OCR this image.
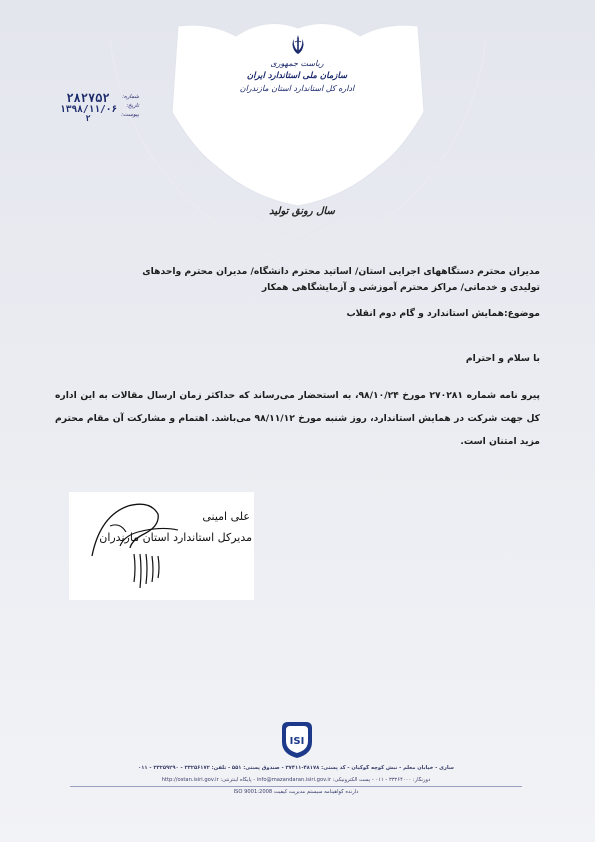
ریاست جمهوری
سازمان ملی استاندارد ایران
اداره کل استاندارد استان مازندران
شماره:
تاریخ:
پیوست:
۲۸۲۷۵۲
۱۳۹۸/۱۱/۰۶
۲
سال رونق تولید
مدیران محترم دستگاههای اجرایی استان/ اساتید محترم دانشگاه/ مدیران محترم واحدهای
تولیدی و خدماتی/ مراکز محترم آموزشی و آزمایشگاهی همکار
موضوع:همایش استاندارد و گام دوم انقلاب
با سلام و احترام
پیرو نامه شماره ۲۷۰۲۸۱ مورخ ۹۸/۱۰/۲۴، به استحضار می‌رساند که حداکثر زمان ارسال مقالات به این اداره کل جهت شرکت در همایش استاندارد، روز شنبه مورخ ۹۸/۱۱/۱۲ می‌باشد. اهتمام و مشارکت آن مقام محترم مزید امتنان است.
علی امینی
مدیرکل استاندارد استان مازندران
ISI
ساری - خیابان معلم - نبش کوچه گوکیان - کد پستی: ۴۸۱۷۸-۳۷۴۱۱ - صندوق پستی: ۵۵۱ - تلفن: ۳۳۲۵۶۱۷۲ - ۳۳۲۵۹۲۹۰ - ۰۱۱
دورنگار: ۳۳۲۶۴۰۰۰ - ۰۱۱ - پست الکترونیکی: info@mazandaran.isiri.gov.ir - پایگاه اینترنتی: http://ostan.isiri.gov.ir
دارنده گواهینامه سیستم مدیریت کیفیت ISO 9001:2008
